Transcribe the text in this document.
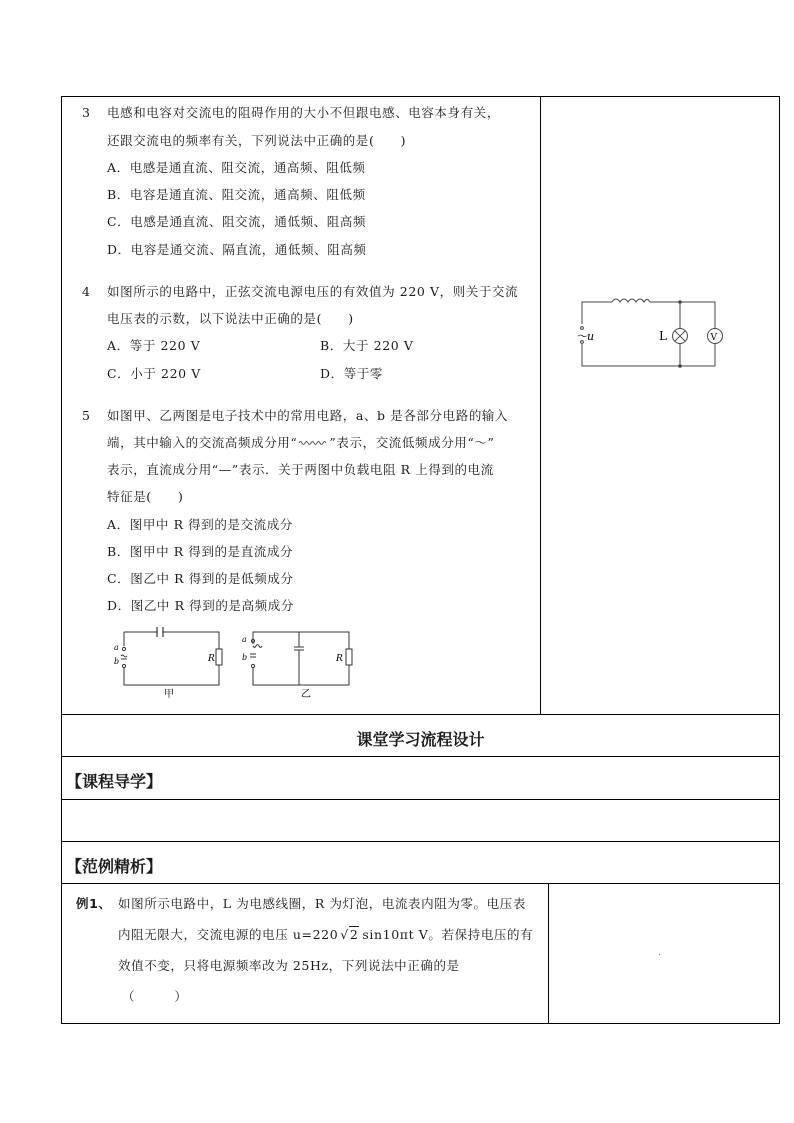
3 电感和电容对交流电的阻碍作用的大小不但跟电感、电容本身有关，
还跟交流电的频率有关，下列说法中正确的是(　　)
A．电感是通直流、阻交流，通高频、阻低频
B．电容是通直流、阻交流，通高频、阻低频
C．电感是通直流、阻交流，通低频、阻高频
D．电容是通交流、隔直流，通低频、阻高频
4 如图所示的电路中，正弦交流电源电压的有效值为 220 V，则关于交流
电压表的示数，以下说法中正确的是(　　)
A．等于 220 V	B．大于 220 V
C．小于 220 V	D．等于零
5 如图甲、乙两图是电子技术中的常用电路，a、b 是各部分电路的输入
端，其中输入的交流高频成分用“	”表示，交流低频成分用“～”
表示，直流成分用“—”表示．关于两图中负载电阻 R 上得到的电流
特征是(　　)
A．图甲中 R 得到的是交流成分
B．图甲中 R 得到的是直流成分
C．图乙中 R 得到的是低频成分
D．图乙中 R 得到的是高频成分
a
b	R
a
b	R
甲	乙
～u	L	V
课堂学习流程设计
【课程导学】
【范例精析】
例1、 如图所示电路中，L 为电感线圈，R 为灯泡，电流表内阻为零。电压表
内阻无限大，交流电源的电压 u=220 √2 sin10πt V。若保持电压的有
效值不变，只将电源频率改为 25Hz，下列说法中正确的是
（　　　）
